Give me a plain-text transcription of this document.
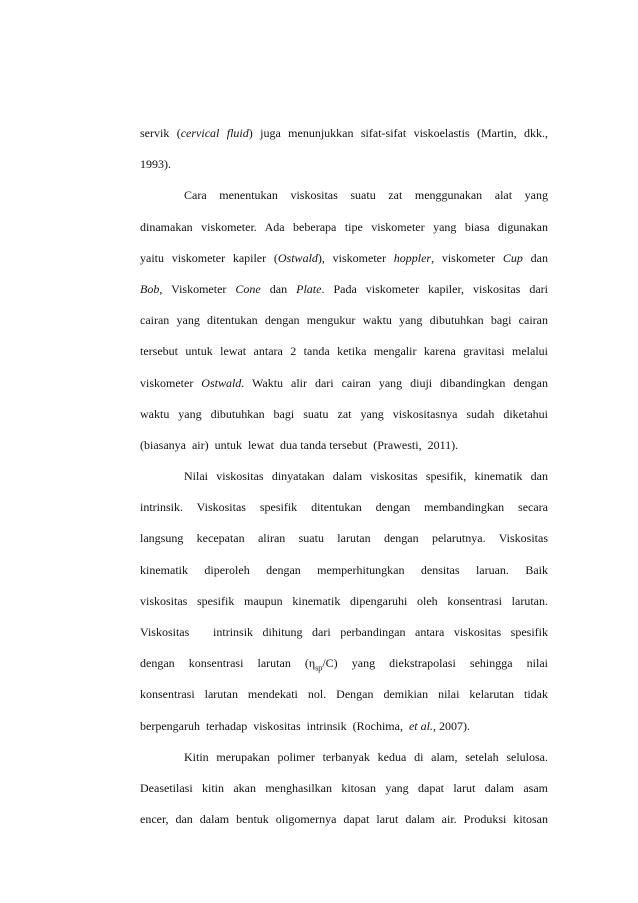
servik  (cervical  fluid)  juga  menunjukkan  sifat-sifat  viskoelastis  (Martin,  dkk.,
1993).
Cara   menentukan   viskositas   suatu   zat   menggunakan   alat   yang
dinamakan  viskometer.  Ada  beberapa  tipe  viskometer  yang  biasa  digunakan
yaitu  viskometer  kapiler  (Ostwald),  viskometer  hoppler,  viskometer  Cup  dan
Bob,  Viskometer  Cone  dan  Plate.  Pada  viskometer  kapiler,  viskositas  dari
cairan  yang  ditentukan  dengan  mengukur  waktu  yang  dibutuhkan  bagi  cairan
tersebut  untuk  lewat  antara  2  tanda  ketika  mengalir  karena  gravitasi  melalui
viskometer  Ostwald.  Waktu  alir  dari  cairan  yang  diuji  dibandingkan  dengan
waktu  yang  dibutuhkan  bagi  suatu  zat  yang  viskositasnya  sudah  diketahui
(biasanya  air)  untuk  lewat  dua tanda tersebut  (Prawesti,  2011).
Nilai  viskositas  dinyatakan  dalam  viskositas  spesifik,  kinematik  dan
intrinsik.    Viskositas    spesifik    ditentukan    dengan    membandingkan    secara
langsung    kecepatan    aliran    suatu    larutan    dengan    pelarutnya.    Viskositas
kinematik     diperoleh     dengan     memperhitungkan     densitas     laruan.     Baik
viskositas  spesifik  maupun  kinematik  dipengaruhi  oleh  konsentrasi  larutan.
Viskositas     intrinsik  dihitung  dari  perbandingan  antara  viskositas  spesifik
dengan    konsentrasi    larutan    $(\eta_{sp}/C)$    yang    diekstrapolasi    sehingga    nilai
konsentrasi  larutan  mendekati  nol.  Dengan  demikian  nilai  kelarutan  tidak
berpengaruh  terhadap  viskositas  intrinsik  (Rochima,  et al., 2007).
Kitin  merupakan  polimer  terbanyak  kedua  di  alam,  setelah  selulosa.
Deasetilasi  kitin  akan  menghasilkan  kitosan  yang  dapat  larut  dalam  asam
encer,  dan  dalam  bentuk  oligomernya  dapat  larut  dalam  air.  Produksi  kitosan
